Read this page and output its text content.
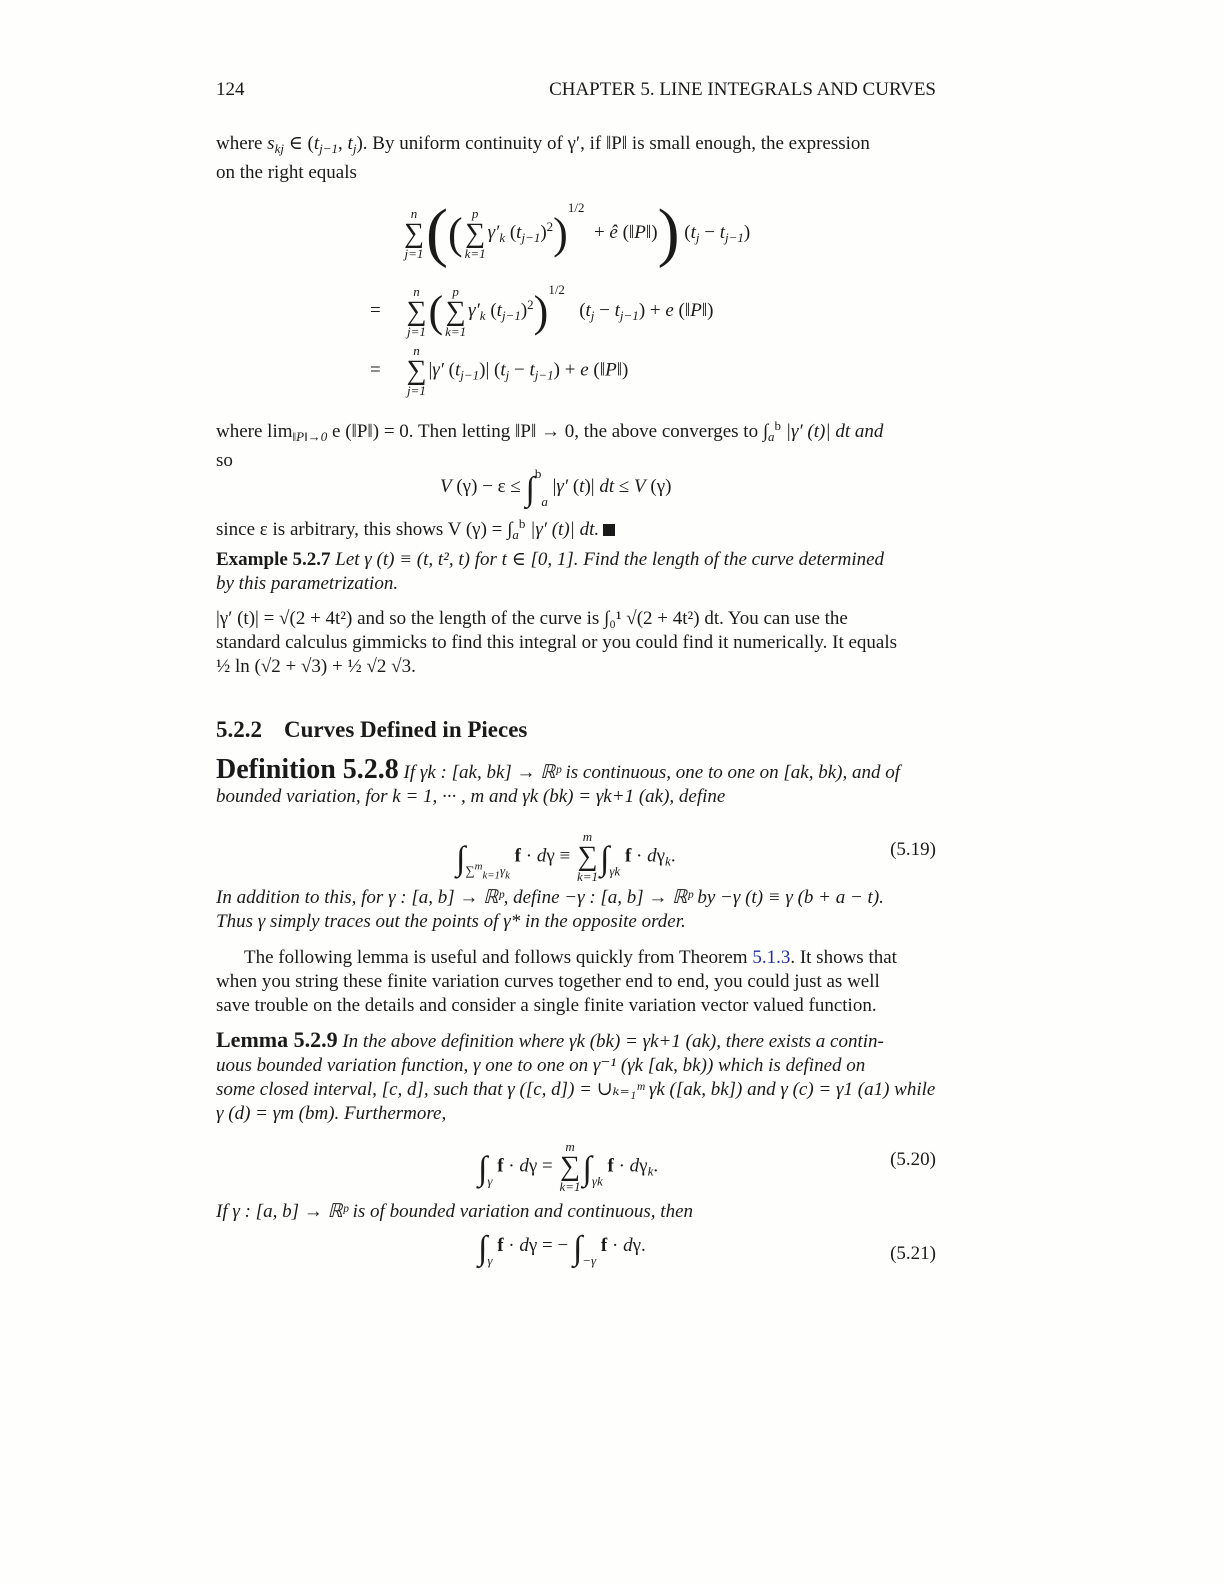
124	CHAPTER 5. LINE INTEGRALS AND CURVES
where $s_{kj}$ ∈ ($t_{j-1}$, $t_j$). By uniform continuity of γ′, if ‖P‖ is small enough, the expression
on the right equals
n
∑
j=1(( p
∑
$k=1\gamma'_k$ $(t_{j-1})^2)^{1/2}$  + ê (‖P‖)) $(t_j - t_{j-1})$
=     n
∑
j=1( p
∑
$k=1\gamma'_k$ $(t_{j-1})^2)^{1/2}$   $(t_j - t_{j-1}) + e$ (‖P‖)
=     n
∑
j=1|γ′ $(t_{j-1})|$ $(t_j - t_{j-1}) + e$ (‖P‖)
where $\lim_{‖P‖\to 0} e$ (‖P‖) = 0. Then letting ‖P‖ → 0, the above converges to $\int_a^b$ |γ′ (t)| dt and
so
V (γ) − ε ≤ ∫$^b_a$ |γ′ (t)| dt ≤ V (γ)
since ε is arbitrary, this shows V $(\gamma) = \int_a^b$ |γ′ (t)| dt.
Example 5.2.7 Let γ (t) ≡ (t, t², t) for t ∈ [0, 1]. Find the length of the curve determined
by this parametrization.
|γ′ (t)| = √(2 + 4t²) and so the length of the curve is ∫₀¹ √(2 + 4t²) dt. You can use the
standard calculus gimmicks to find this integral or you could find it numerically. It equals
½ ln (√2 + √3) + ½ √2 √3.
5.2.2 Curves Defined in Pieces
Definition 5.2.8 If γk : [ak, bk] → ℝᵖ is continuous, one to one on [ak, bk), and of
bounded variation, for k = 1, ··· , m and γk (bk) = γk+1 (ak), define
$\int_{\sum^m_{k=1}\gamma_k}$ f · dγ ≡ m
∑
$k=1\int_{\gamma k}$ $f \cdot d\gamma_k$.	(5.19)
In addition to this, for γ : [a, b] → ℝᵖ, define −γ : [a, b] → ℝᵖ by −γ (t) ≡ γ (b + a − t).
Thus γ simply traces out the points of γ* in the opposite order.
The following lemma is useful and follows quickly from Theorem 5.1.3. It shows that
when you string these finite variation curves together end to end, you could just as well
save trouble on the details and consider a single finite variation vector valued function.
Lemma 5.2.9 In the above definition where γk (bk) = γk+1 (ak), there exists a contin-
uous bounded variation function, γ one to one on γ⁻¹ (γk [ak, bk)) which is defined on
some closed interval, [c, d], such that γ ([c, d]) = ∪ₖ₌₁ᵐ γk ([ak, bk]) and γ (c) = γ1 (a1) while
γ (d) = γm (bm). Furthermore,
$\int_\gamma$ f · dγ = m
∑
$k=1\int_{\gamma k}$ $f \cdot d\gamma_k$.	(5.20)
If γ : [a, b] → ℝᵖ is of bounded variation and continuous, then
$\int_\gamma$ f · dγ = − $\int_{-\gamma}$ f · dγ.	(5.21)
